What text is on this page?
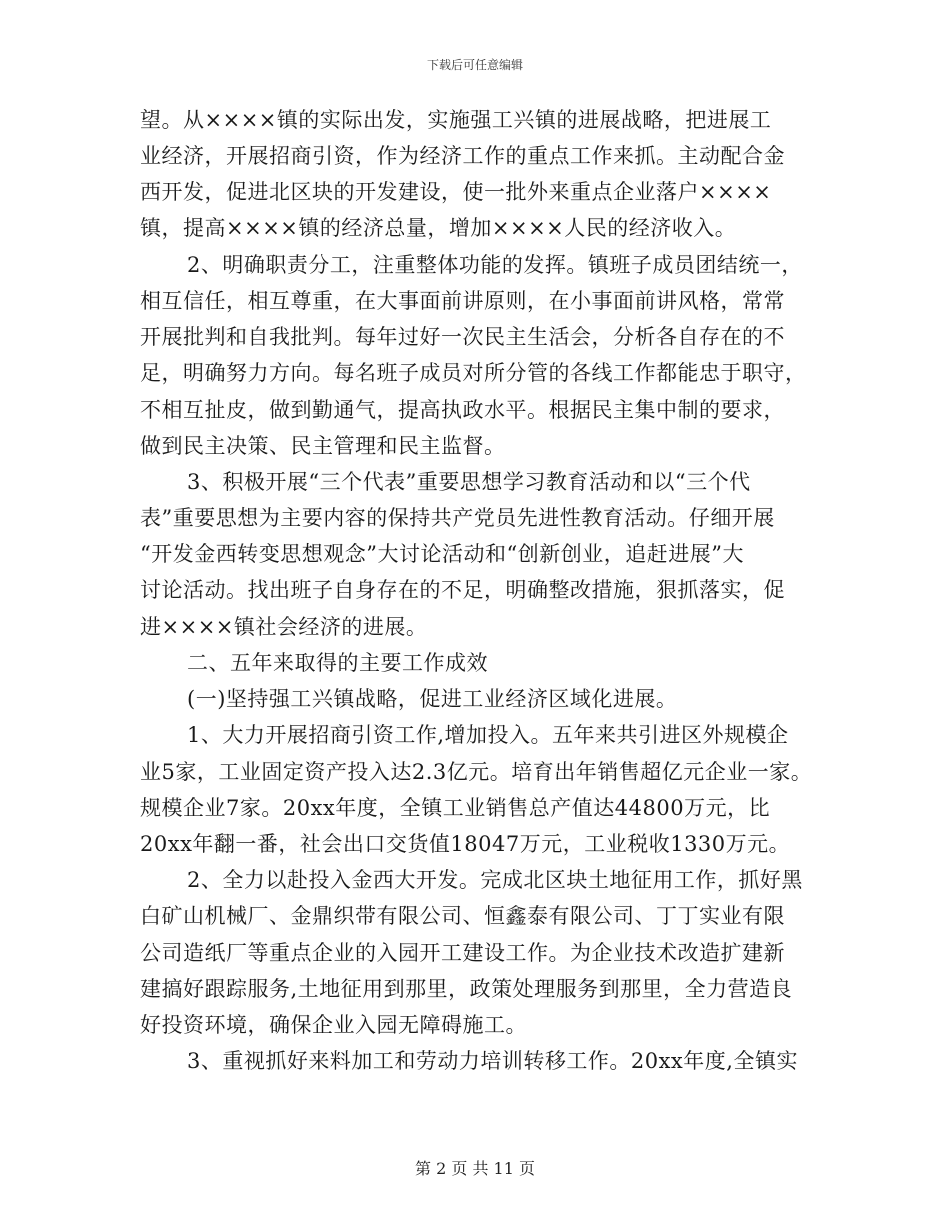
下载后可任意编辑
望。从××××镇的实际出发，实施强工兴镇的进展战略，把进展工
业经济，开展招商引资，作为经济工作的重点工作来抓。主动配合金
西开发，促进北区块的开发建设，使一批外来重点企业落户××××
镇，提高××××镇的经济总量，增加××××人民的经济收入。
2、明确职责分工，注重整体功能的发挥。镇班子成员团结统一，
相互信任，相互尊重，在大事面前讲原则，在小事面前讲风格，常常
开展批判和自我批判。每年过好一次民主生活会，分析各自存在的不
足，明确努力方向。每名班子成员对所分管的各线工作都能忠于职守，
不相互扯皮，做到勤通气，提高执政水平。根据民主集中制的要求，
做到民主决策、民主管理和民主监督。
3、积极开展“三个代表”重要思想学习教育活动和以“三个代
表”重要思想为主要内容的保持共产党员先进性教育活动。仔细开展
“开发金西转变思想观念”大讨论活动和“创新创业，追赶进展”大
讨论活动。找出班子自身存在的不足，明确整改措施，狠抓落实，促
进××××镇社会经济的进展。
二、五年来取得的主要工作成效
(一)坚持强工兴镇战略，促进工业经济区域化进展。
1、大力开展招商引资工作,增加投入。五年来共引进区外规模企
业5家，工业固定资产投入达2.3亿元。培育出年销售超亿元企业一家。
规模企业7家。20xx年度，全镇工业销售总产值达44800万元，比
20xx年翻一番，社会出口交货值18047万元，工业税收1330万元。
2、全力以赴投入金西大开发。完成北区块土地征用工作，抓好黑
白矿山机械厂、金鼎织带有限公司、恒鑫泰有限公司、丁丁实业有限
公司造纸厂等重点企业的入园开工建设工作。为企业技术改造扩建新
建搞好跟踪服务,土地征用到那里，政策处理服务到那里，全力营造良
好投资环境，确保企业入园无障碍施工。
3、重视抓好来料加工和劳动力培训转移工作。20xx年度,全镇实
第 2 页 共 11 页
